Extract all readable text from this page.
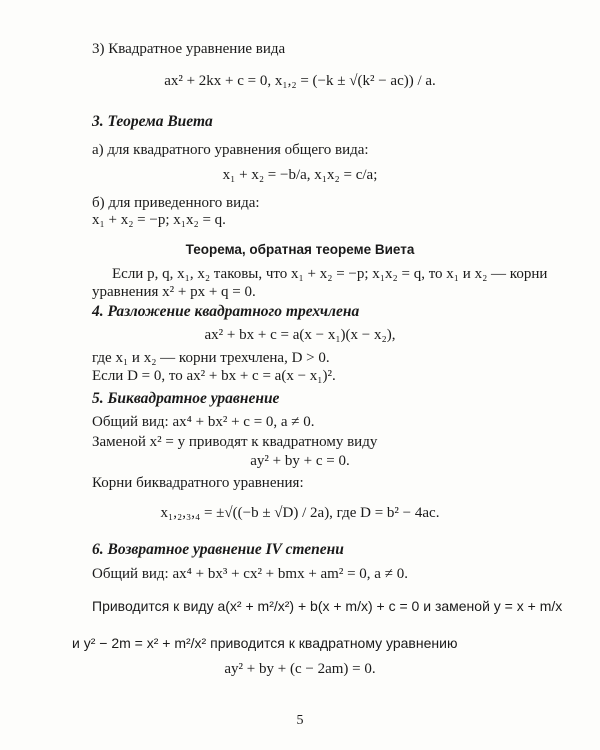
3) Квадратное уравнение вида
ax² + 2kx + c = 0, x₁,₂ = (−k ± √(k² − ac)) / a.
3. Теорема Виета
а) для квадратного уравнения общего вида:
x₁ + x₂ = −b/a, x₁x₂ = c/a;
б) для приведенного вида:
x₁ + x₂ = −p; x₁x₂ = q.
Теорема, обратная теореме Виета
Если p, q, x₁, x₂ таковы, что x₁ + x₂ = −p; x₁x₂ = q, то x₁ и x₂ — корни
уравнения x² + px + q = 0.
4. Разложение квадратного трехчлена
ax² + bx + c = a(x − x₁)(x − x₂),
где x₁ и x₂ — корни трехчлена, D > 0.
Если D = 0, то ax² + bx + c = a(x − x₁)².
5. Биквадратное уравнение
Общий вид: ax⁴ + bx² + c = 0, a ≠ 0.
Заменой x² = y приводят к квадратному виду
ay² + by + c = 0.
Корни биквадратного уравнения:
x₁,₂,₃,₄ = ±√((−b ± √D) / 2a), где D = b² − 4ac.
6. Возвратное уравнение IV степени
Общий вид: ax⁴ + bx³ + cx² + bmx + am² = 0, a ≠ 0.
Приводится к виду a(x² + m²/x²) + b(x + m/x) + c = 0 и заменой y = x + m/x
и y² − 2m = x² + m²/x² приводится к квадратному уравнению
ay² + by + (c − 2am) = 0.
5
